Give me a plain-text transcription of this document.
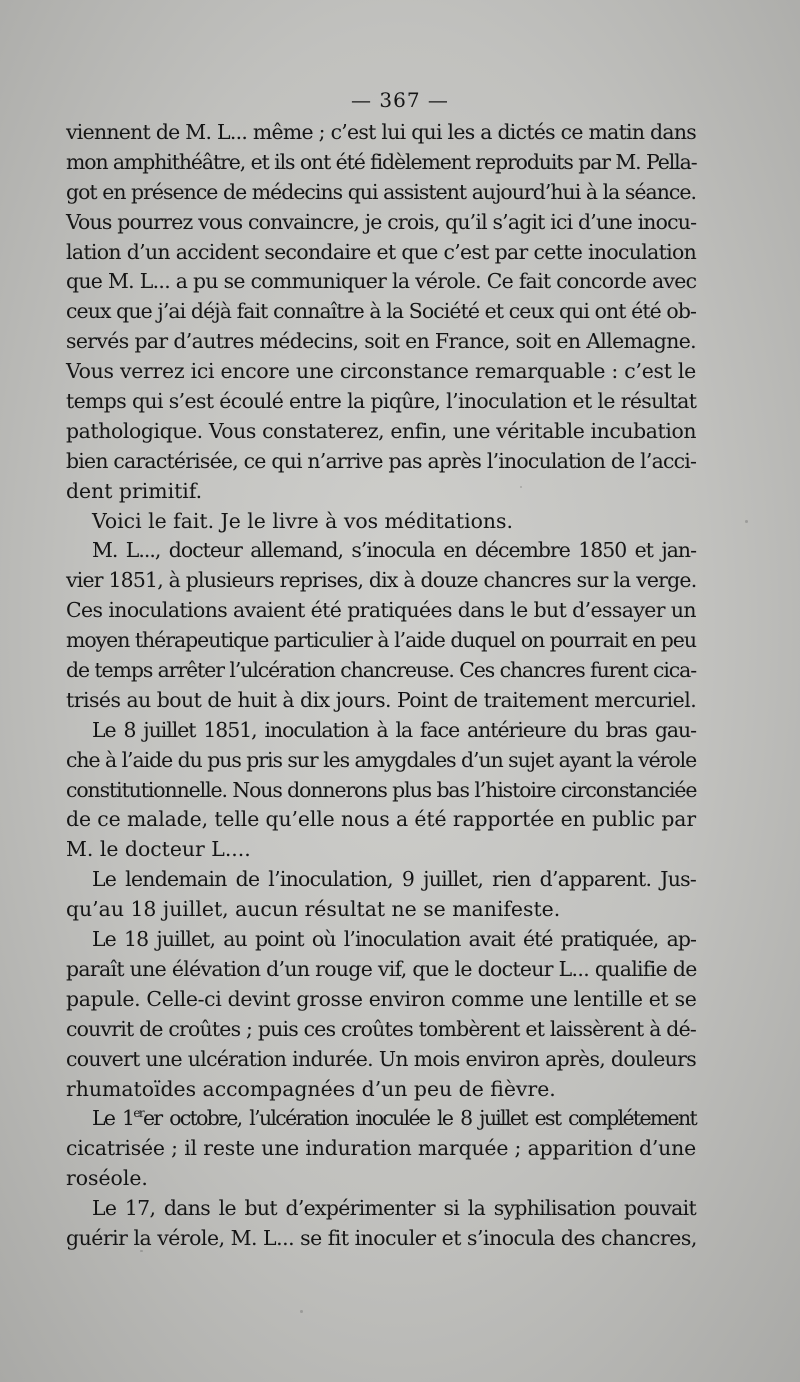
— 367 —
viennent de M. L... même ; c’est lui qui les a dictés ce matin dans
mon amphithéâtre, et ils ont été fidèlement reproduits par M. Pella-
got en présence de médecins qui assistent aujourd’hui à la séance.
Vous pourrez vous convaincre, je crois, qu’il s’agit ici d’une inocu-
lation d’un accident secondaire et que c’est par cette inoculation
que M. L... a pu se communiquer la vérole. Ce fait concorde avec
ceux que j’ai déjà fait connaître à la Société et ceux qui ont été ob-
servés par d’autres médecins, soit en France, soit en Allemagne.
Vous verrez ici encore une circonstance remarquable : c’est le
temps qui s’est écoulé entre la piqûre, l’inoculation et le résultat
pathologique. Vous constaterez, enfin, une véritable incubation
bien caractérisée, ce qui n’arrive pas après l’inoculation de l’acci-
dent primitif.
Voici le fait. Je le livre à vos méditations.
M. L..., docteur allemand, s’inocula en décembre 1850 et jan-
vier 1851, à plusieurs reprises, dix à douze chancres sur la verge.
Ces inoculations avaient été pratiquées dans le but d’essayer un
moyen thérapeutique particulier à l’aide duquel on pourrait en peu
de temps arrêter l’ulcération chancreuse. Ces chancres furent cica-
trisés au bout de huit à dix jours. Point de traitement mercuriel.
Le 8 juillet 1851, inoculation à la face antérieure du bras gau-
che à l’aide du pus pris sur les amygdales d’un sujet ayant la vérole
constitutionnelle. Nous donnerons plus bas l’histoire circonstanciée
de ce malade, telle qu’elle nous a été rapportée en public par
M. le docteur L....
Le lendemain de l’inoculation, 9 juillet, rien d’apparent. Jus-
qu’au 18 juillet, aucun résultat ne se manifeste.
Le 18 juillet, au point où l’inoculation avait été pratiquée, ap-
paraît une élévation d’un rouge vif, que le docteur L... qualifie de
papule. Celle-ci devint grosse environ comme une lentille et se
couvrit de croûtes ; puis ces croûtes tombèrent et laissèrent à dé-
couvert une ulcération indurée. Un mois environ après, douleurs
rhumatoïdes accompagnées d’un peu de fièvre.
Le 1erer octobre, l’ulcération inoculée le 8 juillet est complétement
cicatrisée ; il reste une induration marquée ; apparition d’une
roséole.
Le 17, dans le but d’expérimenter si la syphilisation pouvait
guérir la vérole, M. L... se fit inoculer et s’inocula des chancres,
